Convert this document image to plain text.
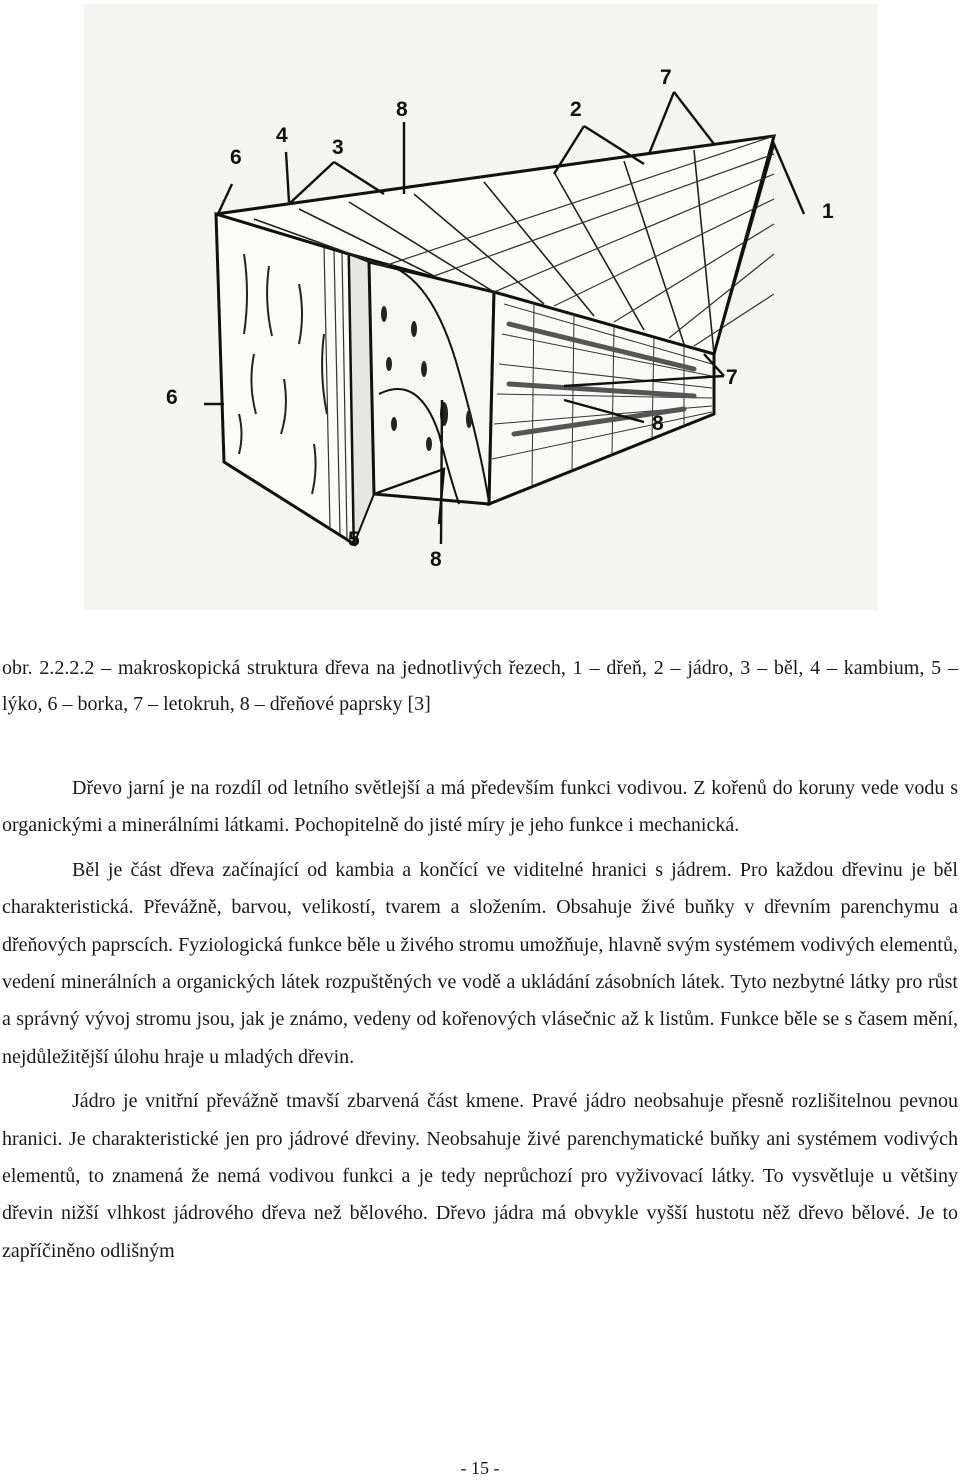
1
2
3
4
5
6
6
7
7
8
8
8

obr. 2.2.2.2 – makroskopická struktura dřeva na jednotlivých řezech, 1 – dřeň, 2 – jádro, 3 – běl, 4 – kambium, 5 – lýko, 6 – borka, 7 – letokruh, 8 – dřeňové paprsky [3]

Dřevo jarní je na rozdíl od letního světlejší a má především funkci vodivou. Z kořenů do koruny vede vodu s organickými a minerálními látkami. Pochopitelně do jisté míry je jeho funkce i mechanická.

Běl je část dřeva začínající od kambia a končící ve viditelné hranici s jádrem. Pro každou dřevinu je běl charakteristická. Převážně, barvou, velikostí, tvarem a složením. Obsahuje živé buňky v dřevním parenchymu a dřeňových paprscích. Fyziologická funkce běle u živého stromu umožňuje, hlavně svým systémem vodivých elementů, vedení minerálních a organických látek rozpuštěných ve vodě a ukládání zásobních látek. Tyto nezbytné látky pro růst a správný vývoj stromu jsou, jak je známo, vedeny od kořenových vlásečnic až k listům. Funkce běle se s časem mění, nejdůležitější úlohu hraje u mladých dřevin.

Jádro je vnitřní převážně tmavší zbarvená část kmene. Pravé jádro neobsahuje přesně rozlišitelnou pevnou hranici. Je charakteristické jen pro jádrové dřeviny. Neobsahuje živé parenchymatické buňky ani systémem vodivých elementů, to znamená že nemá vodivou funkci a je tedy neprůchozí pro vyživovací látky. To vysvětluje u většiny dřevin nižší vlhkost jádrového dřeva než bělového. Dřevo jádra má obvykle vyšší hustotu něž dřevo bělové. Je to zapříčiněno odlišným

- 15 -
